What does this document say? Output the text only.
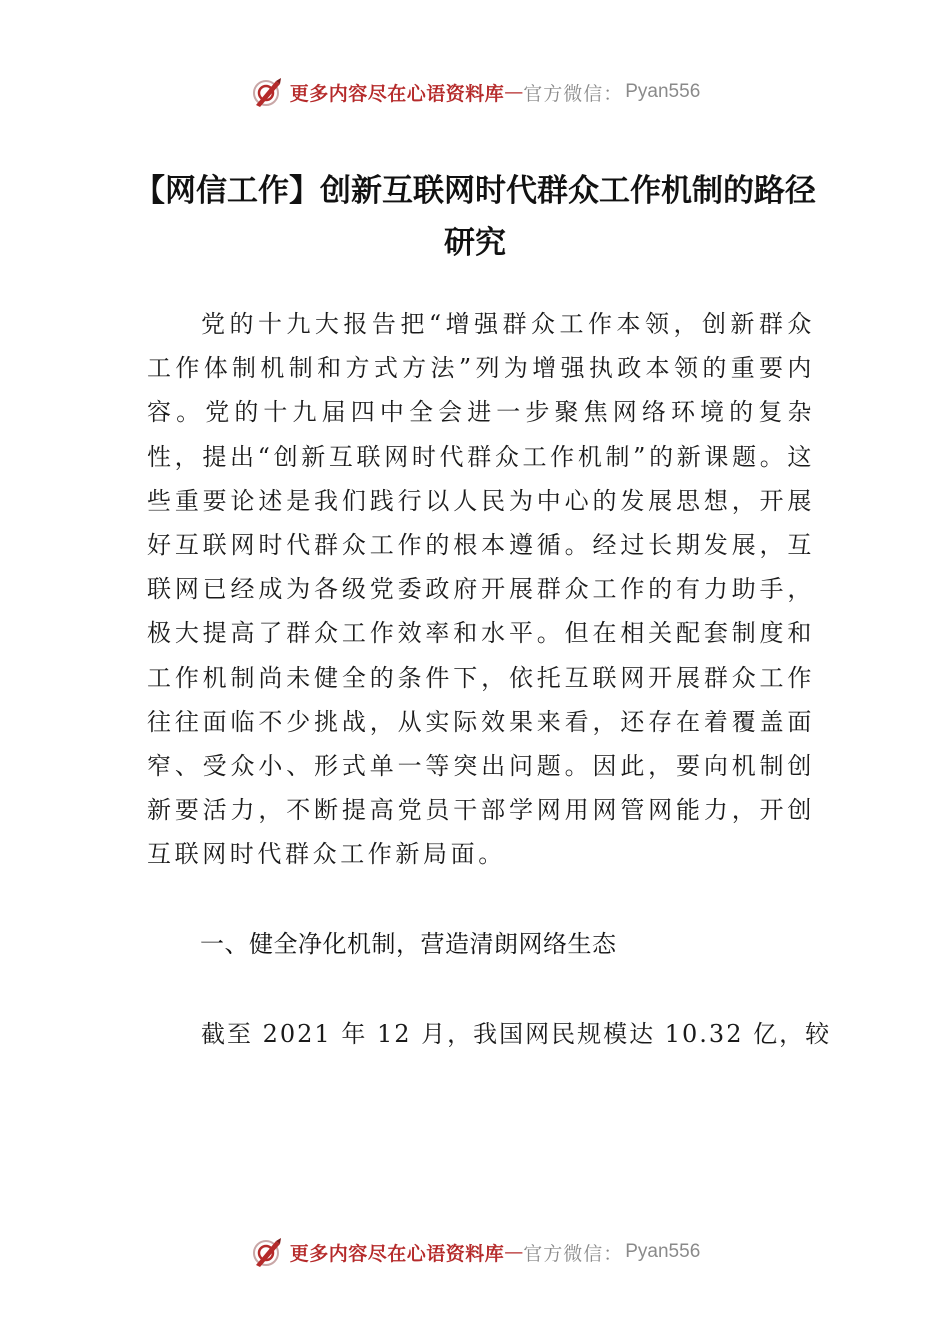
更多内容尽在心语资料库 — 官方微信： Pyan556
【网信工作】创新互联网时代群众工作机制的路径研究

党的十九大报告把“增强群众工作本领，创新群众工作体制机制和方式方法”列为增强执政本领的重要内容。党的十九届四中全会进一步聚焦网络环境的复杂性，提出“创新互联网时代群众工作机制”的新课题。这些重要论述是我们践行以人民为中心的发展思想，开展好互联网时代群众工作的根本遵循。经过长期发展，互联网已经成为各级党委政府开展群众工作的有力助手，极大提高了群众工作效率和水平。但在相关配套制度和工作机制尚未健全的条件下，依托互联网开展群众工作往往面临不少挑战，从实际效果来看，还存在着覆盖面窄、受众小、形式单一等突出问题。因此，要向机制创新要活力，不断提高党员干部学网用网管网能力，开创互联网时代群众工作新局面。

一、健全净化机制，营造清朗网络生态

截至 2021 年 12 月，我国网民规模达 10.32 亿，较

更多内容尽在心语资料库 — 官方微信： Pyan556
